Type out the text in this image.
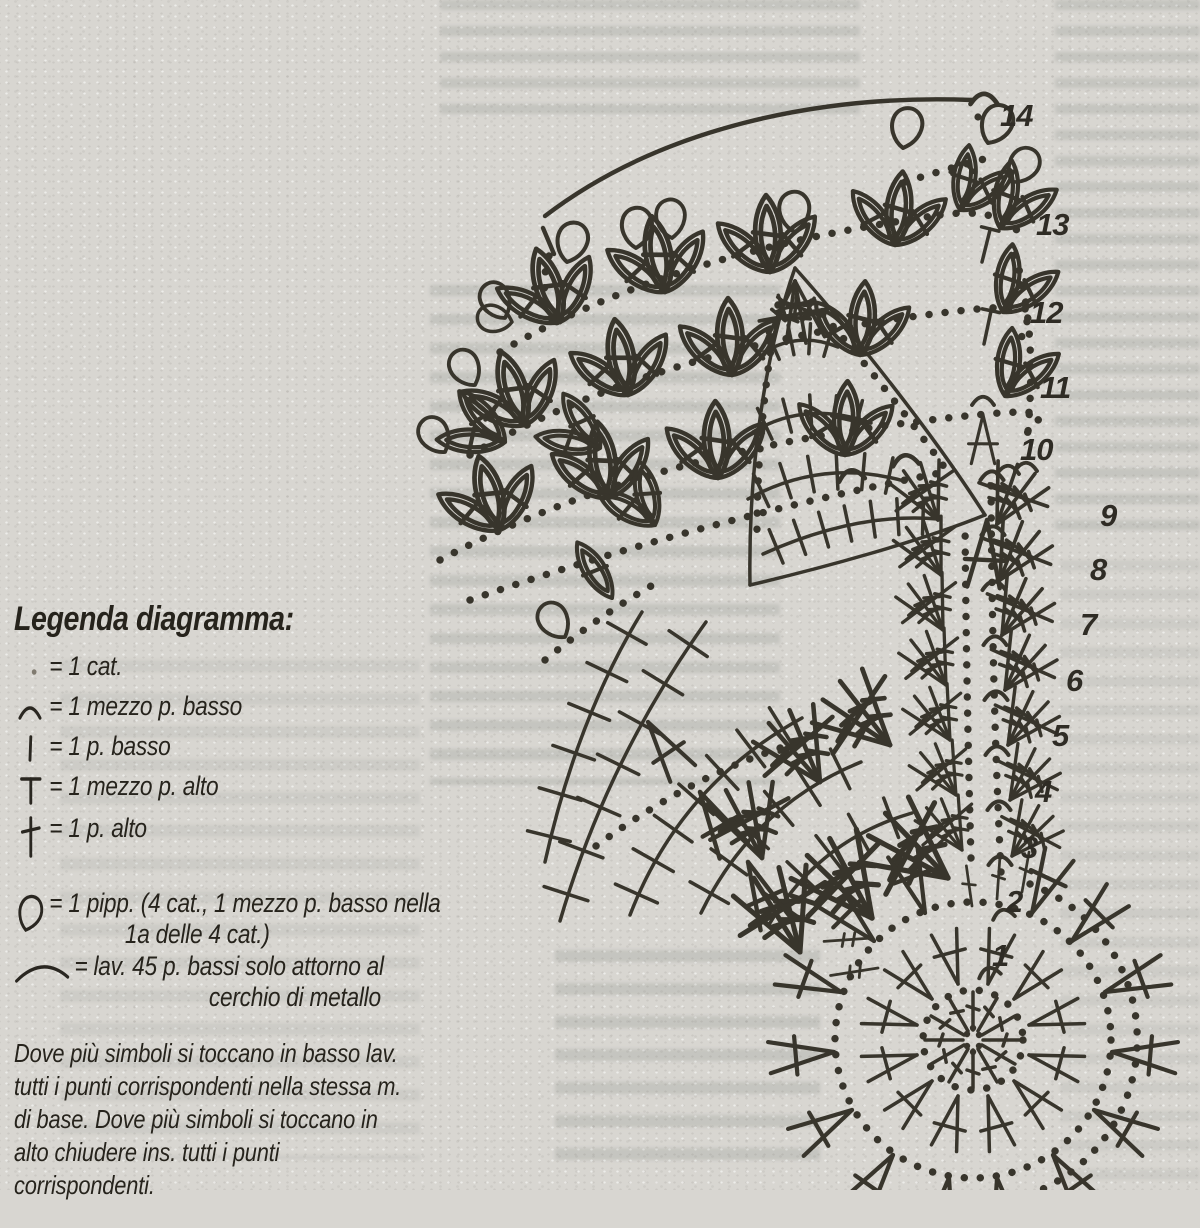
1
2
3
4
5
6
7
8
9
10
11
12
13
14
Legenda diagramma:
= 1 cat.
= 1 mezzo p. basso
= 1 p. basso
= 1 mezzo p. alto
= 1 p. alto
= 1 pipp. (4 cat., 1 mezzo p. basso nella 1a delle 4 cat.)
= lav. 45 p. bassi solo attorno al cerchio di metallo

Dove più simboli si toccano in basso lav. tutti i punti corrispondenti nella stessa m. di base. Dove più simboli si toccano in alto chiudere ins. tutti i punti corrispondenti.
